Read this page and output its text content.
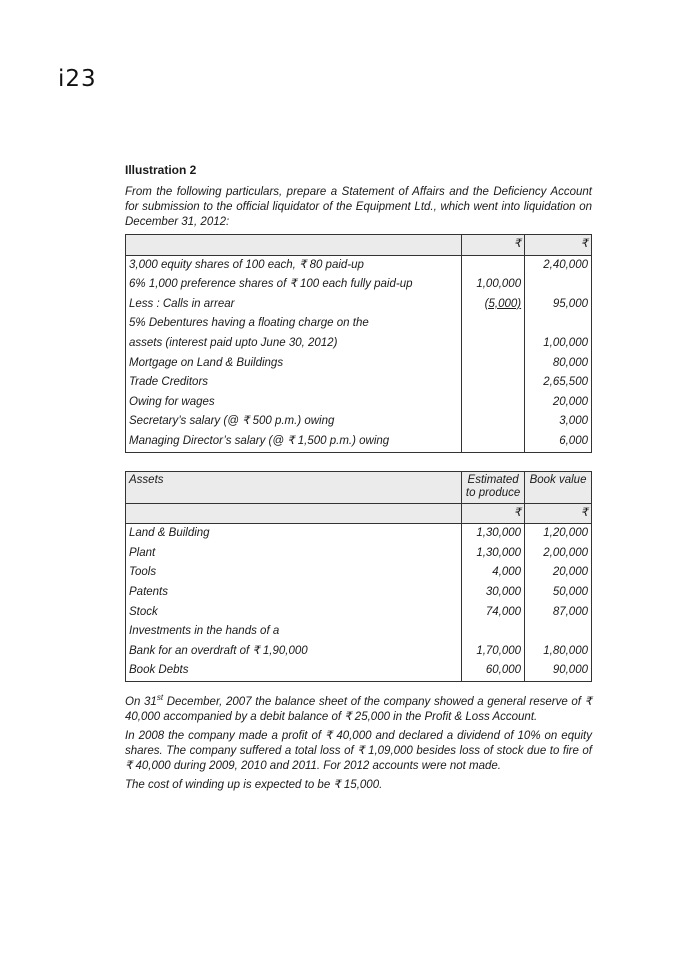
i23

Illustration 2

From the following particulars, prepare a Statement of Affairs and the Deficiency Account for submission to the official liquidator of the Equipment Ltd., which went into liquidation on December 31, 2012:

	₹	₹
3,000 equity shares of 100 each, ₹ 80 paid-up		2,40,000
6% 1,000 preference shares of ₹ 100 each fully paid-up	1,00,000	
Less : Calls in arrear	(5,000)	95,000
5% Debentures having a floating charge on the		
assets (interest paid upto June 30, 2012)		1,00,000
Mortgage on Land & Buildings		80,000
Trade Creditors		2,65,500
Owing for wages		20,000
Secretary’s salary (@ ₹ 500 p.m.) owing		3,000
Managing Director’s salary (@ ₹ 1,500 p.m.) owing		6,000
Assets	Estimated to produce	Book value
	₹	₹
Land & Building	1,30,000	1,20,000
Plant	1,30,000	2,00,000
Tools	4,000	20,000
Patents	30,000	50,000
Stock	74,000	87,000
Investments in the hands of a		
Bank for an overdraft of ₹ 1,90,000	1,70,000	1,80,000
Book Debts	60,000	90,000

On 31st December, 2007 the balance sheet of the company showed a general reserve of ₹ 40,000 accompanied by a debit balance of ₹ 25,000 in the Profit & Loss Account.

In 2008 the company made a profit of ₹ 40,000 and declared a dividend of 10% on equity shares. The company suffered a total loss of ₹ 1,09,000 besides loss of stock due to fire of ₹ 40,000 during 2009, 2010 and 2011. For 2012 accounts were not made.

The cost of winding up is expected to be ₹ 15,000.
